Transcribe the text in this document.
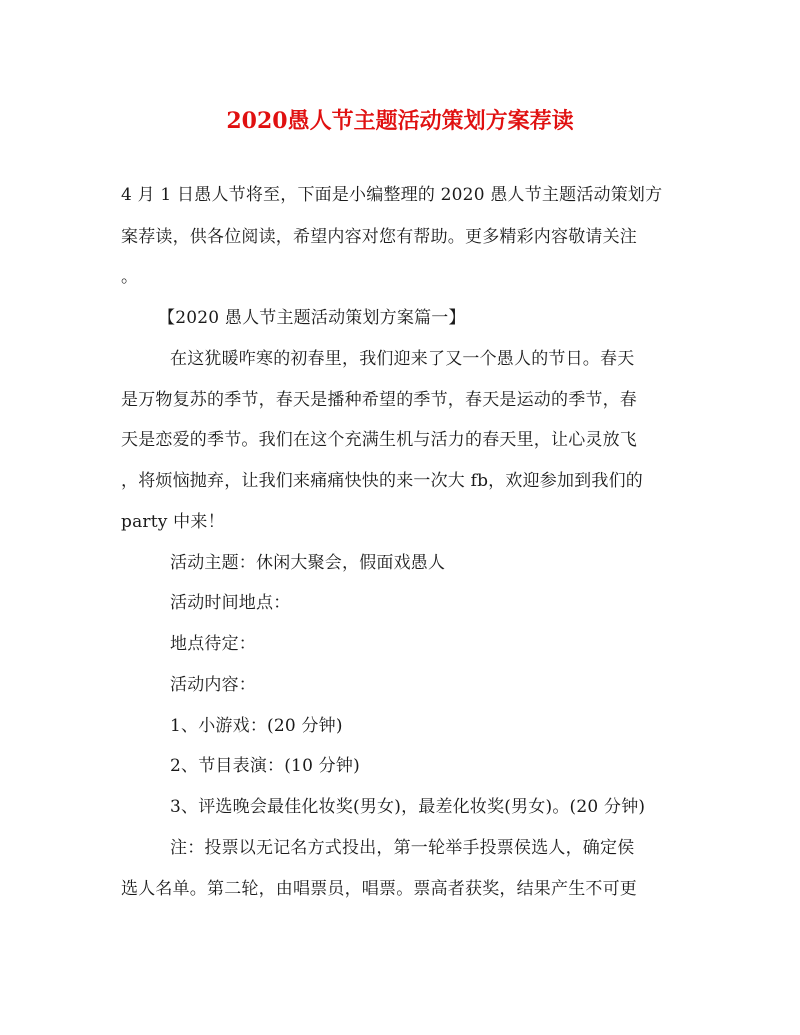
2020愚人节主题活动策划方案荐读
4 月 1 日愚人节将至，下面是小编整理的 2020 愚人节主题活动策划方
案荐读，供各位阅读，希望内容对您有帮助。更多精彩内容敬请关注
。
【2020 愚人节主题活动策划方案篇一】
在这犹暖咋寒的初春里，我们迎来了又一个愚人的节日。春天
是万物复苏的季节，春天是播种希望的季节，春天是运动的季节，春
天是恋爱的季节。我们在这个充满生机与活力的春天里，让心灵放飞
，将烦恼抛弃，让我们来痛痛快快的来一次大 fb，欢迎参加到我们的
party 中来！
活动主题：休闲大聚会，假面戏愚人
活动时间地点：
地点待定：
活动内容：
1、小游戏：(20 分钟)
2、节目表演：(10 分钟)
3、评选晚会最佳化妆奖(男女)，最差化妆奖(男女)。(20 分钟)
注：投票以无记名方式投出，第一轮举手投票侯选人，确定侯
选人名单。第二轮，由唱票员，唱票。票高者获奖，结果产生不可更
